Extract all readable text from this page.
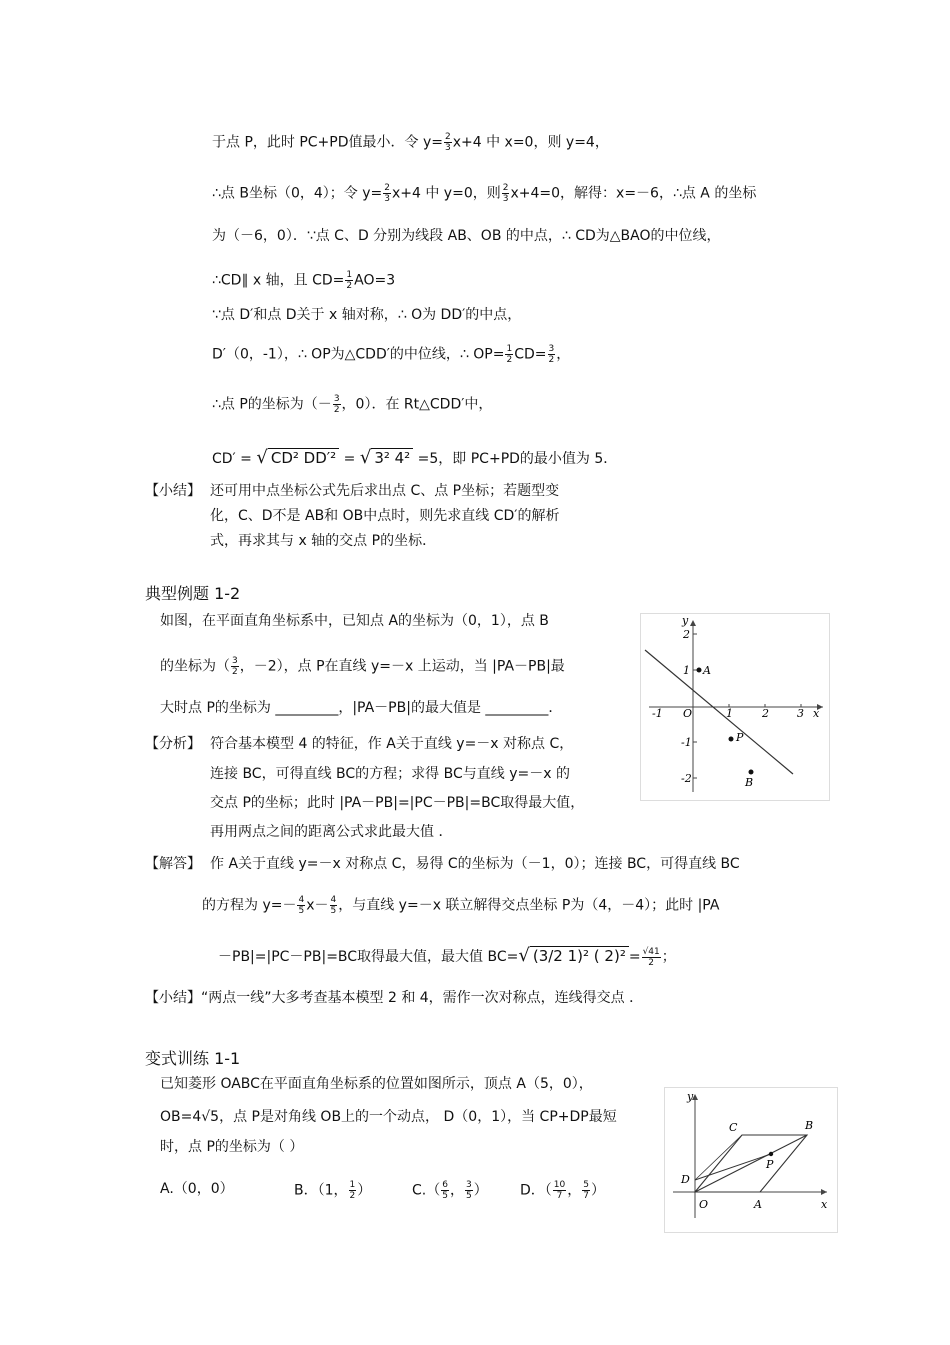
于点 P，此时 PC+PD值最小．令 $y= \frac{2}{3} x+4$ 中 x=0，则 y=4，
∴点 B坐标（0，4）；令 $y= \frac{2}{3} x+4$ 中 y=0，则 $\frac{2}{3} x+4=0$，解得：x=－6，∴点 A 的坐标
为（－6，0）．∵点 C、D 分别为线段 AB、OB 的中点，∴ CD为△BAO的中位线，
∴CD∥ x 轴，且 $CD= \frac{1}{2} AO=3$
∵点 D′和点 D关于 x 轴对称，∴ O为 DD′的中点，
D′（0，-1），∴ OP为△CDD′的中位线，∴ $OP= \frac{1}{2} CD= \frac{3}{2}$ ，
∴点 P的坐标为（－ $\frac{3}{2}$ ，0）．在 Rt△CDD′中，
CD′ = √ CD² DD′² = √ 3² 4² =5，即 PC+PD的最小值为 5．
【小结】 还可用中点坐标公式先后求出点 C、点 P坐标；若题型变
化，C、D不是 AB和 OB中点时，则先求直线 CD′的解析
式，再求其与 x 轴的交点 P的坐标．
典型例题 1-2
如图，在平面直角坐标系中，已知点 A的坐标为（0，1），点 B
的坐标为（ $\frac{3}{2}$ ，－2），点 P在直线 y=－x 上运动，当 |PA－PB|最
大时点 P的坐标为 _________，|PA－PB|的最大值是 _________．
【分析】 符合基本模型 4 的特征，作 A关于直线 y=－x 对称点 C，
连接 BC，可得直线 BC的方程；求得 BC与直线 y=－x 的
交点 P的坐标；此时 |PA－PB|=|PC－PB|=BC取得最大值，
再用两点之间的距离公式求此最大值 ．
-1 O	1	2	3 x
y
2
1
-1
-2
A
P
B
【解答】 作 A关于直线 y=－x 对称点 C，易得 C的坐标为（－1，0）；连接 BC，可得直线 BC
的方程为 $y=- \frac{4}{5} x- \frac{4}{5}$ ，与直线 y=－x 联立解得交点坐标 P为（4，－4）；此时 |PA
－PB|=|PC－PB|=BC取得最大值，最大值 BC=√ (3/2 1)² ( $2)^2 = \frac{√41}{2}$ ；
【小结】“两点一线”大多考查基本模型 2 和 4，需作一次对称点，连线得交点 ．
变式训练 1-1
已知菱形 OABC在平面直角坐标系的位置如图所示，顶点 A（5，0），
OB=4√5，点 P是对角线 OB上的一个动点， D（0，1），当 CP+DP最短
时，点 P的坐标为（ ）
A.（0，0）	B．（1， $\frac{1}{2}$ ）	$C.( \frac{6}{5}$ ， $\frac{3}{5}$ ） D．（ $\frac{10}{7}$ ， $\frac{5}{7}$ ）
y
C	B
P
D
O	A	x
